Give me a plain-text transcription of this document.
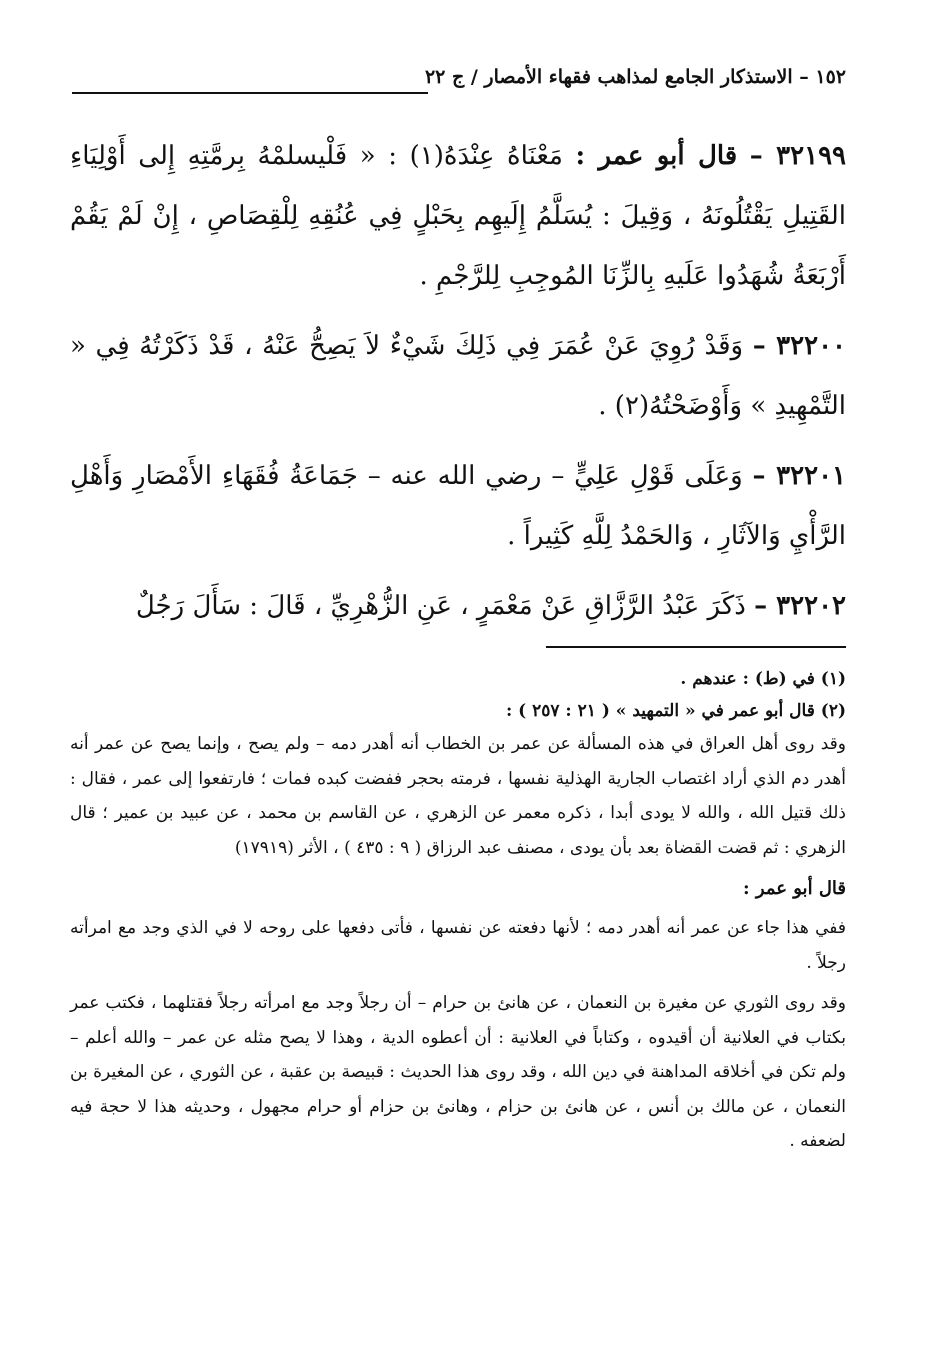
١٥٢ – الاستذكار الجامع لمذاهب فقهاء الأمصار / ج ٢٢

٣٢١٩٩ – قال أبو عمر : مَعْنَاهُ عِنْدَهُ(١) : « فَلْيسلمْهُ بِرمَّتِهِ إِلى أَوْلِيَاءِ القَتِيلِ يَقْتُلُونَهُ ، وَقِيلَ : يُسَلَّمُ إِلَيهِم بِحَبْلٍ فِي عُنُقِهِ لِلْقِصَاصِ ، إِنْ لَمْ يَقُمْ أَرْبَعَةُ شُهَدُوا عَلَيهِ بِالزِّنَا المُوجِبِ لِلرَّجْمِ .

٣٢٢٠٠ – وَقَدْ رُوِيَ عَنْ عُمَرَ فِي ذَلِكَ شَيْءٌ لاَ يَصِحُّ عَنْهُ ، قَدْ ذَكَرْتُهُ فِي « التَّمْهِيدِ » وَأَوْضَحْتُهُ(٢) .

٣٢٢٠١ – وَعَلَى قَوْلِ عَلِيٍّ – رضي الله عنه – جَمَاعَةُ فُقَهَاءِ الأَمْصَارِ وَأَهْلِ الرَّأْيِ وَالآثَارِ ، وَالحَمْدُ لِلَّهِ كَثِيراً .

٣٢٢٠٢ – ذَكَرَ عَبْدُ الرَّزَّاقِ عَنْ مَعْمَرٍ ، عَنِ الزُّهْرِيِّ ، قَالَ : سَأَلَ رَجُلٌ

(١) في (ط) : عندهم .

(٢) قال أبو عمر في « التمهيد » ( ٢١ : ٢٥٧ ) :

وقد روى أهل العراق في هذه المسألة عن عمر بن الخطاب أنه أهدر دمه – ولم يصح ، وإنما يصح عن عمر أنه أهدر دم الذي أراد اغتصاب الجارية الهذلية نفسها ، فرمته بحجر ففضت كبده فمات ؛ فارتفعوا إلى عمر ، فقال : ذلك قتيل الله ، والله لا يودى أبدا ، ذكره معمر عن الزهري ، عن القاسم بن محمد ، عن عبيد بن عمير ؛ قال الزهري : ثم قضت القضاة بعد بأن يودى ، مصنف عبد الرزاق ( ٩ : ٤٣٥ ) ، الأثر (١٧٩١٩)

قال أبو عمر :

ففي هذا جاء عن عمر أنه أهدر دمه ؛ لأنها دفعته عن نفسها ، فأتى دفعها على روحه لا في الذي وجد مع امرأته رجلاً .

وقد روى الثوري عن مغيرة بن النعمان ، عن هانئ بن حرام – أن رجلاً وجد مع امرأته رجلاً فقتلهما ، فكتب عمر بكتاب في العلانية أن أقيدوه ، وكتاباً في العلانية : أن أعطوه الدية ، وهذا لا يصح مثله عن عمر – والله أعلم – ولم تكن في أخلاقه المداهنة في دين الله ، وقد روى هذا الحديث : قبيصة بن عقبة ، عن الثوري ، عن المغيرة بن النعمان ، عن مالك بن أنس ، عن هانئ بن حزام ، وهانئ بن حزام أو حرام مجهول ، وحديثه هذا لا حجة فيه لضعفه .
